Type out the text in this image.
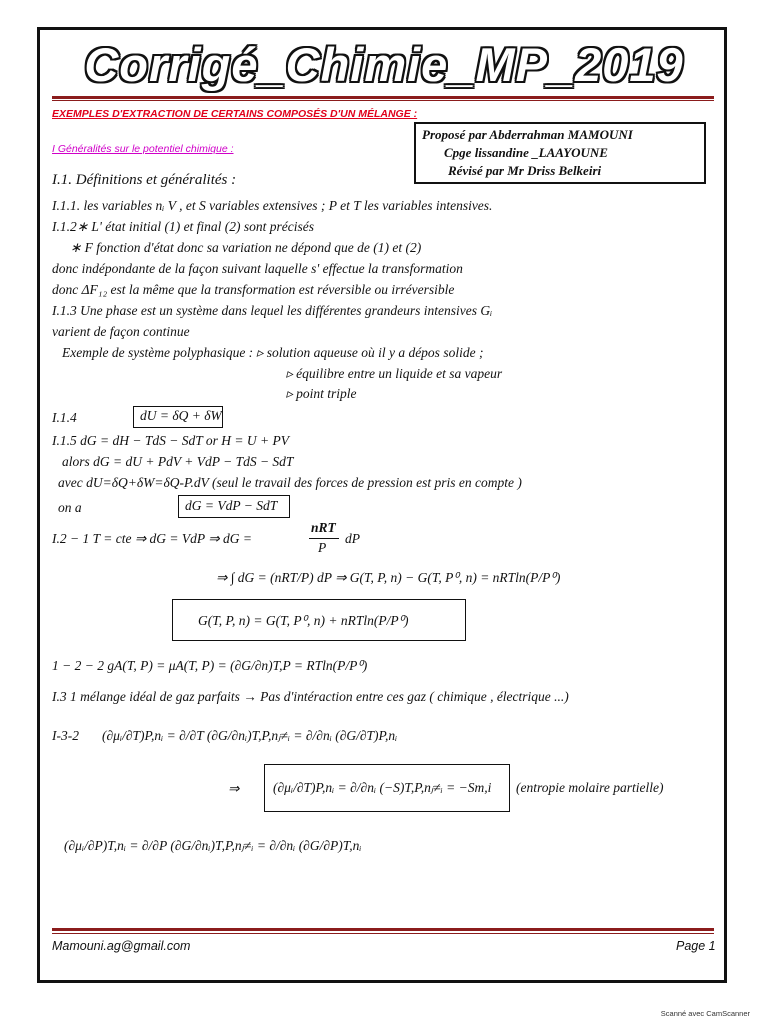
Corrigé_Chimie_MP_2019
EXEMPLES D'EXTRACTION DE CERTAINS COMPOSÉS D'UN MÉLANGE :
I Généralités sur le potentiel chimique :
Proposé par Abderrahman MAMOUNI
Cpge lissandine _LAAYOUNE
Révisé par Mr Driss Belkeiri
I.1. Définitions et généralités :
I.1.1. les variables nᵢ V , et S variables extensives ; P et T les variables intensives.
I.1.2∗ L' état initial (1) et final (2) sont précisés
∗ F fonction d'état donc sa variation ne dépond que de (1) et (2)
donc indépondante de la façon suivant laquelle s' effectue la transformation
donc ΔF₁₂ est la même que la transformation est réversible ou irréversible
I.1.3 Une phase est un système dans lequel les différentes grandeurs intensives Gᵢ
varient de façon continue
Exemple de système polyphasique : ▹ solution aqueuse où il y a dépos solide ;
▹ équilibre entre un liquide et sa vapeur
▹ point triple
I.1.4	dU = δQ + δW
I.1.5 dG = dH − TdS − SdT or H = U + PV
alors dG = dU + PdV + VdP − TdS − SdT
avec dU=δQ+δW=δQ-P.dV (seul le travail des forces de pression est pris en compte )
on a	dG = VdP − SdT
I.2 − 1 T = cte ⇒ dG = VdP ⇒ dG =
nRT
P
dP
⇒ ∫ dG = (nRT/P) dP ⇒ G(T, P, n) − G(T, P⁰, n) = nRTln(P/P⁰)
G(T, P, n) = G(T, P⁰, n) + nRTln(P/P⁰)
1 − 2 − 2 gA(T, P) = μA(T, P) = (∂G/∂n)T,P = RTln(P/P⁰)
I.3 1 mélange idéal de gaz parfaits → Pas d'intéraction entre ces gaz ( chimique , électrique ...)
I-3-2 (∂μᵢ/∂T)P,nᵢ = ∂/∂T (∂G/∂nᵢ)T,P,nⱼ≠ᵢ = ∂/∂nᵢ (∂G/∂T)P,nᵢ
⇒ (∂μᵢ/∂T)P,nᵢ = ∂/∂nᵢ (−S)T,P,nⱼ≠ᵢ = −Sm,i (entropie molaire partielle)
(∂μᵢ/∂P)T,nᵢ = ∂/∂P (∂G/∂nᵢ)T,P,nⱼ≠ᵢ = ∂/∂nᵢ (∂G/∂P)T,nᵢ
Mamouni.ag@gmail.com	Page 1
Scanné avec CamScanner
